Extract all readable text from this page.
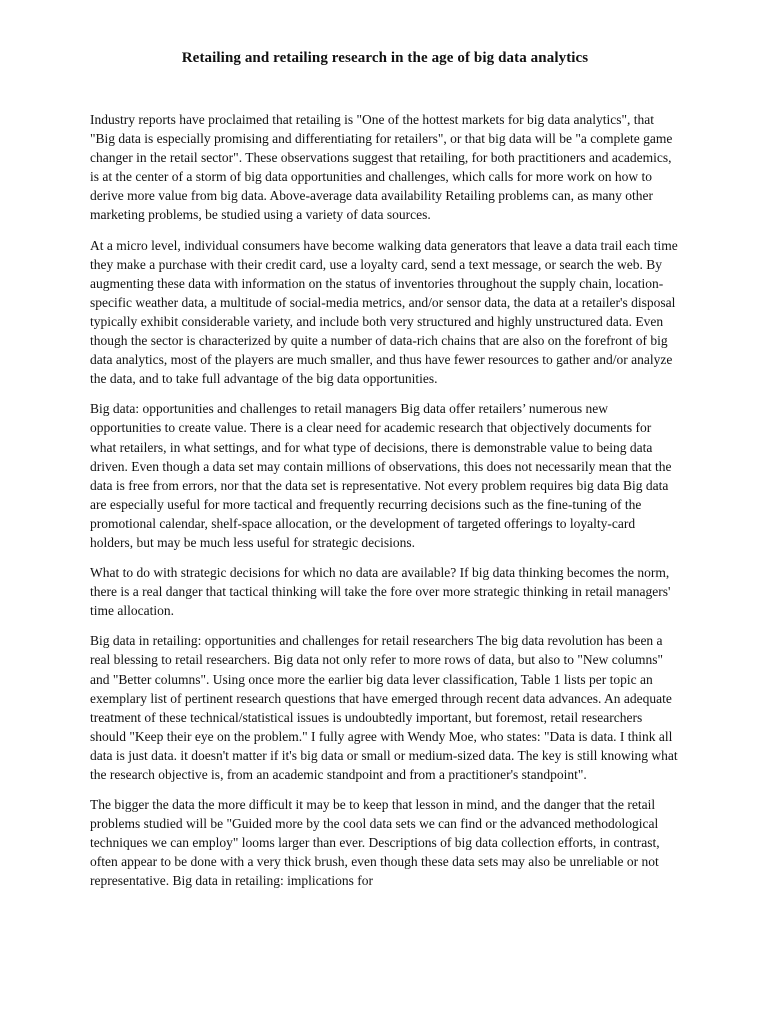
Retailing and retailing research in the age of big data analytics

Industry reports have proclaimed that retailing is "One of the hottest markets for big data analytics", that "Big data is especially promising and differentiating for retailers", or that big data will be "a complete game changer in the retail sector". These observations suggest that retailing, for both practitioners and academics, is at the center of a storm of big data opportunities and challenges, which calls for more work on how to derive more value from big data. Above-average data availability Retailing problems can, as many other marketing problems, be studied using a variety of data sources.

At a micro level, individual consumers have become walking data generators that leave a data trail each time they make a purchase with their credit card, use a loyalty card, send a text message, or search the web. By augmenting these data with information on the status of inventories throughout the supply chain, location-specific weather data, a multitude of social-media metrics, and/or sensor data, the data at a retailer's disposal typically exhibit considerable variety, and include both very structured and highly unstructured data. Even though the sector is characterized by quite a number of data-rich chains that are also on the forefront of big data analytics, most of the players are much smaller, and thus have fewer resources to gather and/or analyze the data, and to take full advantage of the big data opportunities.

Big data: opportunities and challenges to retail managers Big data offer retailers’ numerous new opportunities to create value. There is a clear need for academic research that objectively documents for what retailers, in what settings, and for what type of decisions, there is demonstrable value to being data driven. Even though a data set may contain millions of observations, this does not necessarily mean that the data is free from errors, nor that the data set is representative. Not every problem requires big data Big data are especially useful for more tactical and frequently recurring decisions such as the fine-tuning of the promotional calendar, shelf-space allocation, or the development of targeted offerings to loyalty-card holders, but may be much less useful for strategic decisions.

What to do with strategic decisions for which no data are available? If big data thinking becomes the norm, there is a real danger that tactical thinking will take the fore over more strategic thinking in retail managers' time allocation.

Big data in retailing: opportunities and challenges for retail researchers The big data revolution has been a real blessing to retail researchers. Big data not only refer to more rows of data, but also to "New columns" and "Better columns". Using once more the earlier big data lever classification, Table 1 lists per topic an exemplary list of pertinent research questions that have emerged through recent data advances. An adequate treatment of these technical/statistical issues is undoubtedly important, but foremost, retail researchers should "Keep their eye on the problem." I fully agree with Wendy Moe, who states: "Data is data. I think all data is just data. it doesn't matter if it's big data or small or medium-sized data. The key is still knowing what the research objective is, from an academic standpoint and from a practitioner's standpoint".

The bigger the data the more difficult it may be to keep that lesson in mind, and the danger that the retail problems studied will be "Guided more by the cool data sets we can find or the advanced methodological techniques we can employ" looms larger than ever. Descriptions of big data collection efforts, in contrast, often appear to be done with a very thick brush, even though these data sets may also be unreliable or not representative. Big data in retailing: implications for
